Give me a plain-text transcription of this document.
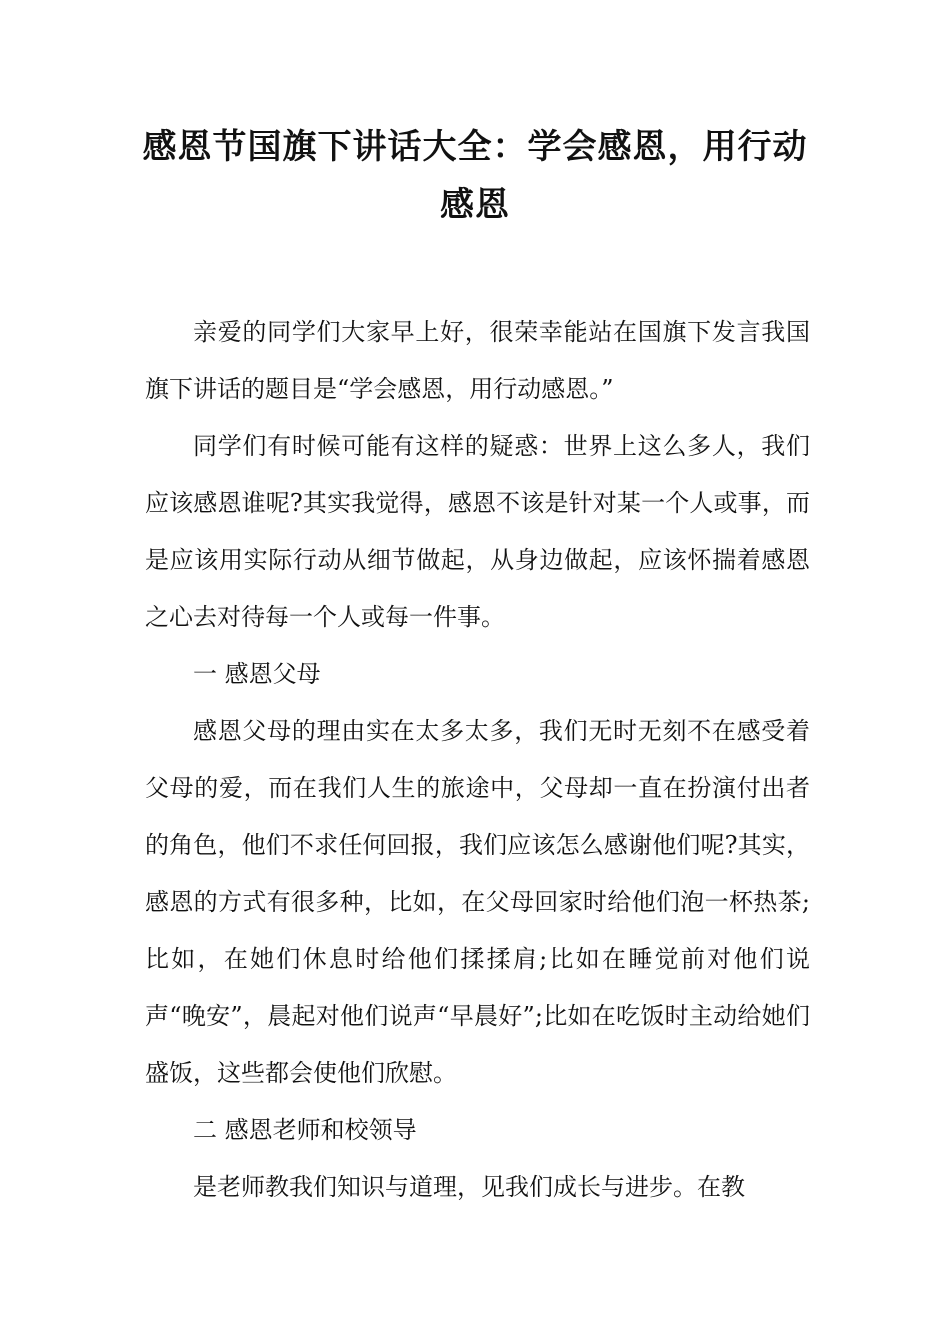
感恩节国旗下讲话大全：学会感恩，用行动感恩

亲爱的同学们大家早上好，很荣幸能站在国旗下发言我国旗下讲话的题目是“学会感恩，用行动感恩。”

同学们有时候可能有这样的疑惑：世界上这么多人，我们应该感恩谁呢?其实我觉得，感恩不该是针对某一个人或事，而是应该用实际行动从细节做起，从身边做起，应该怀揣着感恩之心去对待每一个人或每一件事。

一 感恩父母

感恩父母的理由实在太多太多，我们无时无刻不在感受着父母的爱，而在我们人生的旅途中，父母却一直在扮演付出者的角色，他们不求任何回报，我们应该怎么感谢他们呢?其实，感恩的方式有很多种，比如，在父母回家时给他们泡一杯热茶;比如，在她们休息时给他们揉揉肩;比如在睡觉前对他们说声“晚安”，晨起对他们说声“早晨好”;比如在吃饭时主动给她们盛饭，这些都会使他们欣慰。

二 感恩老师和校领导

是老师教我们知识与道理，见我们成长与进步。在教
